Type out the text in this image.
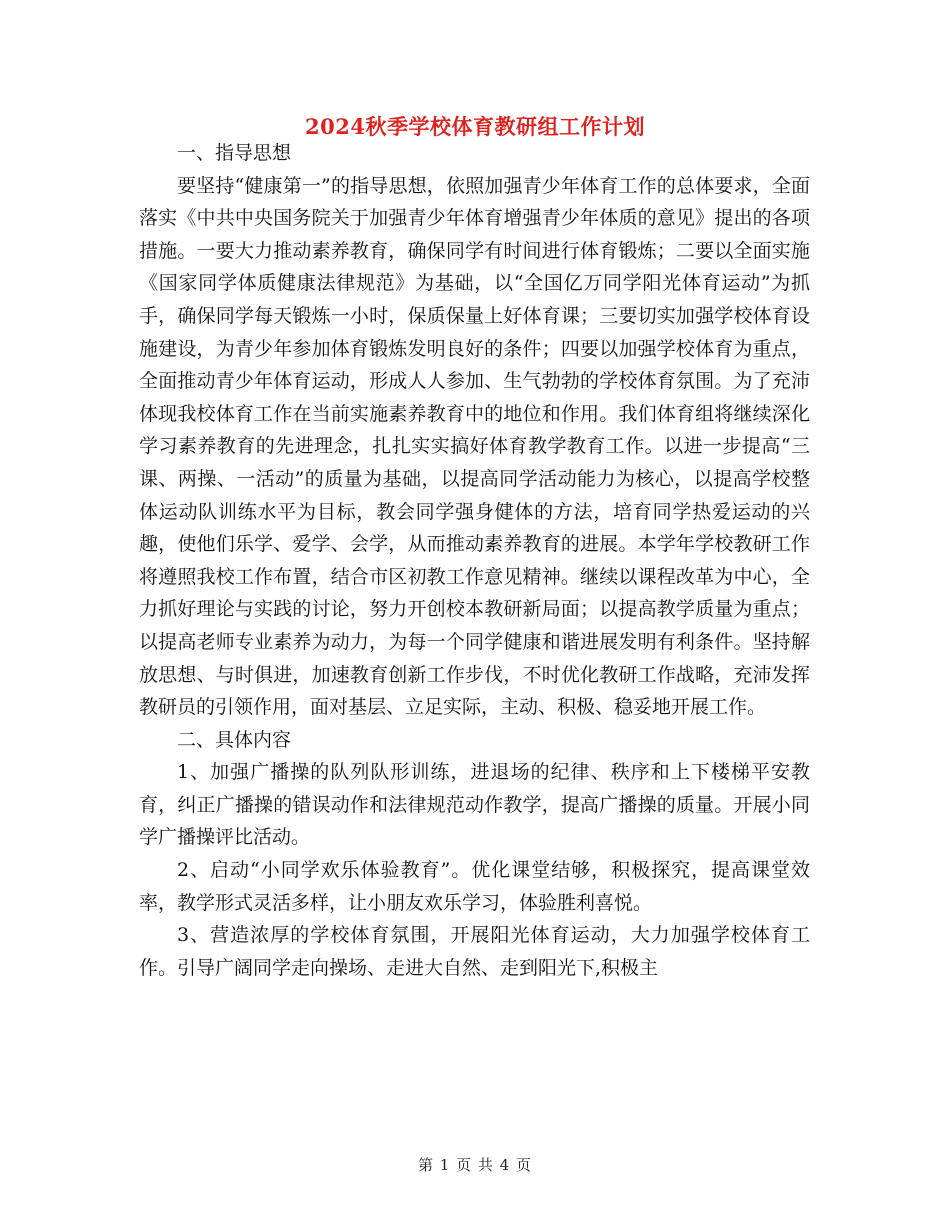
2024秋季学校体育教研组工作计划

一、指导思想

要坚持“健康第一”的指导思想，依照加强青少年体育工作的总体要求，全面落实《中共中央国务院关于加强青少年体育增强青少年体质的意见》提出的各项措施。一要大力推动素养教育，确保同学有时间进行体育锻炼；二要以全面实施《国家同学体质健康法律规范》为基础，以“全国亿万同学阳光体育运动”为抓手，确保同学每天锻炼一小时，保质保量上好体育课；三要切实加强学校体育设施建设，为青少年参加体育锻炼发明良好的条件；四要以加强学校体育为重点，全面推动青少年体育运动，形成人人参加、生气勃勃的学校体育氛围。为了充沛体现我校体育工作在当前实施素养教育中的地位和作用。我们体育组将继续深化学习素养教育的先进理念，扎扎实实搞好体育教学教育工作。以进一步提高“三课、两操、一活动”的质量为基础，以提高同学活动能力为核心，以提高学校整体运动队训练水平为目标，教会同学强身健体的方法，培育同学热爱运动的兴趣，使他们乐学、爱学、会学，从而推动素养教育的进展。本学年学校教研工作将遵照我校工作布置，结合市区初教工作意见精神。继续以课程改革为中心，全力抓好理论与实践的讨论，努力开创校本教研新局面；以提高教学质量为重点；以提高老师专业素养为动力，为每一个同学健康和谐进展发明有利条件。坚持解放思想、与时俱进，加速教育创新工作步伐，不时优化教研工作战略，充沛发挥教研员的引领作用，面对基层、立足实际，主动、积极、稳妥地开展工作。

二、具体内容

1、加强广播操的队列队形训练，进退场的纪律、秩序和上下楼梯平安教育，纠正广播操的错误动作和法律规范动作教学，提高广播操的质量。开展小同学广播操评比活动。

2、启动“小同学欢乐体验教育”。优化课堂结够，积极探究，提高课堂效率，教学形式灵活多样，让小朋友欢乐学习，体验胜利喜悦。

3、营造浓厚的学校体育氛围，开展阳光体育运动，大力加强学校体育工作。引导广阔同学走向操场、走进大自然、走到阳光下,积极主

第 1 页 共 4 页
